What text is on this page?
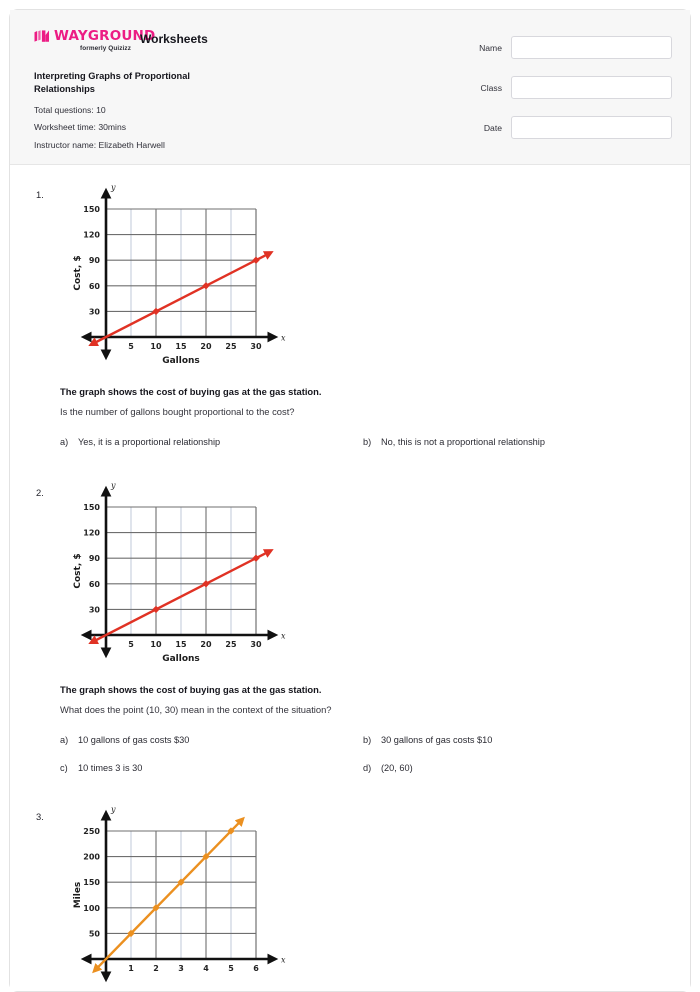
WAYGROUND
formerly Quizizz
Worksheets
Interpreting Graphs of Proportional Relationships
Total questions: 10
Worksheet time: 30mins
Instructor name: Elizabeth Harwell
Name
Class
Date
1.
5 10 15 20 25 30
30
60
90
120
150
x
y
Gallons
Cost, $
The graph shows the cost of buying gas at the gas station.
Is the number of gallons bought proportional to the cost?
a)	Yes, it is a proportional relationship	b)	No, this is not a proportional relationship
2.
5 10 15 20 25 30
30
60
90
120
150
x
y
Gallons
Cost, $
The graph shows the cost of buying gas at the gas station.
What does the point (10, 30) mean in the context of the situation?
a)	10 gallons of gas costs $30	b)	30 gallons of gas costs $10
c)	10 times 3 is 30	d)	(20, 60)
3.
1 2 3 4 5 6
50
100
150
200
250
x
y
Miles
